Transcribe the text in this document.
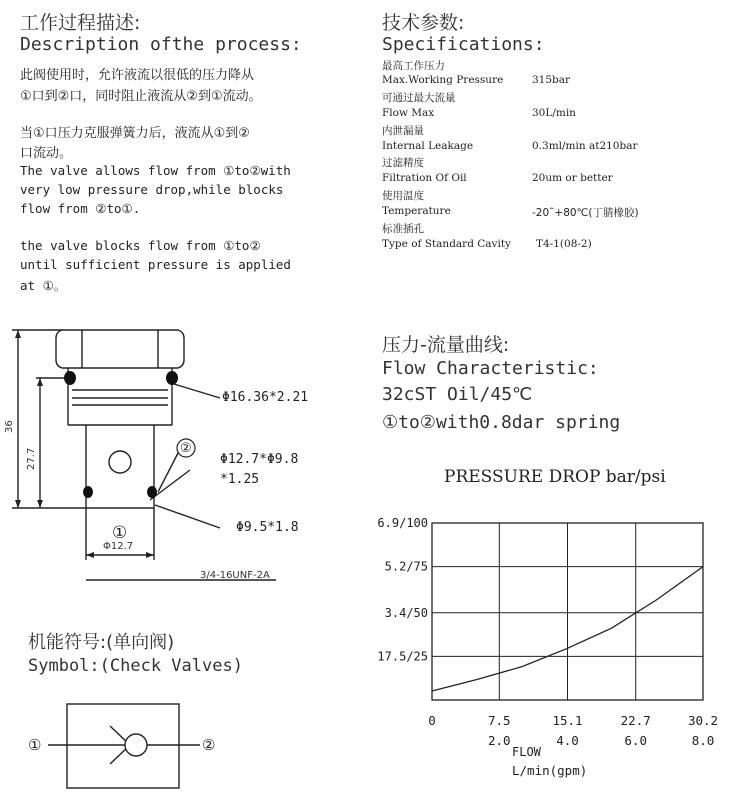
工作过程描述:
Description ofthe process:
此阀使用时，允许液流以很低的压力降从
①口到②口，同时阻止液流从②到①流动。
当①口压力克服弹簧力后，液流从①到②
口流动。
The valve allows flow from ①to②with
very low pressure drop,while blocks
flow from ②to①.
the valve blocks flow from ①to②
until sufficient pressure is applied
at ①。
技术参数:
Specifications:
最高工作压力
Max.Working Pressure	315bar
可通过最大流量
Flow Max	30L/min
内泄漏量
Internal Leakage	0.3ml/min at210bar
过滤精度
Filtration Of Oil	20um or better
使用温度
Temperature	-20˜+80℃(丁腈橡胶)
标准插孔
Type of Standard Cavity T4-1(08-2)
36
27.7
Φ16.36*2.21
②
Φ12.7*Φ9.8
*1.25
Φ9.5*1.8
①
Φ12.7
3/4-16UNF-2A
机能符号:(单向阀)
Symbol:(Check Valves)
①	②
压力-流量曲线:
Flow Characteristic:
32cST Oil/45℃
①to②with0.8dar spring
PRESSURE DROP bar/psi
17.5/25
3.4/50
5.2/75
6.9/100
0	7.5
2.0
15.1
4.0
22.7
6.0
30.2
8.0
FLOW
L/min(gpm)
